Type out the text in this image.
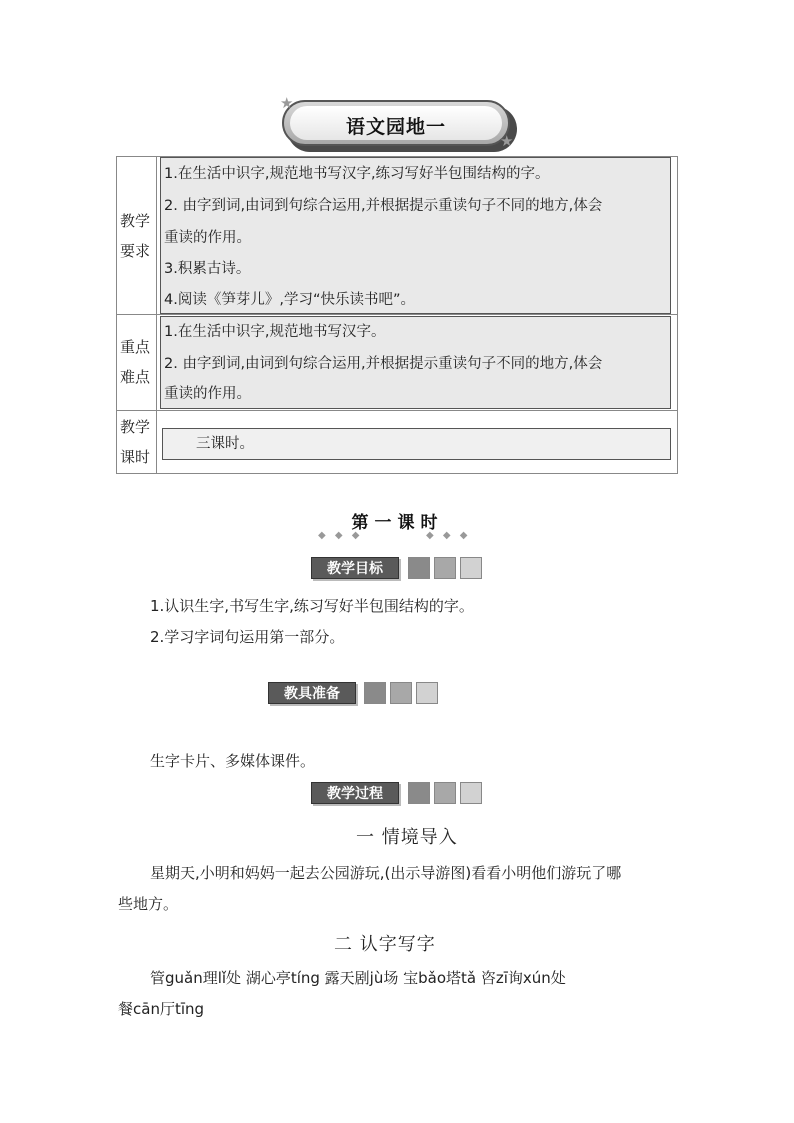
★
★
语文园地一
教学
要求
重点
难点
教学
课时
1.在生活中识字,规范地书写汉字,练习写好半包围结构的字。
2. 由字到词,由词到句综合运用,并根据提示重读句子不同的地方,体会
重读的作用。
3.积累古诗。
4.阅读《笋芽儿》,学习“快乐读书吧”。
1.在生活中识字,规范地书写汉字。
2. 由字到词,由词到句综合运用,并根据提示重读句子不同的地方,体会
重读的作用。
三课时。
第一课时
◆ ◆ ◆	◆ ◆ ◆
教学目标
1.认识生字,书写生字,练习写好半包围结构的字。
2.学习字词句运用第一部分。
教具准备
生字卡片、多媒体课件。
教学过程
一 情境导入
星期天,小明和妈妈一起去公园游玩,(出示导游图)看看小明他们游玩了哪
些地方。
二 认字写字
管guǎn理lǐ处 湖心亭tíng 露天剧jù场 宝bǎo塔tǎ 咨zī询xún处
餐cān厅tīng
